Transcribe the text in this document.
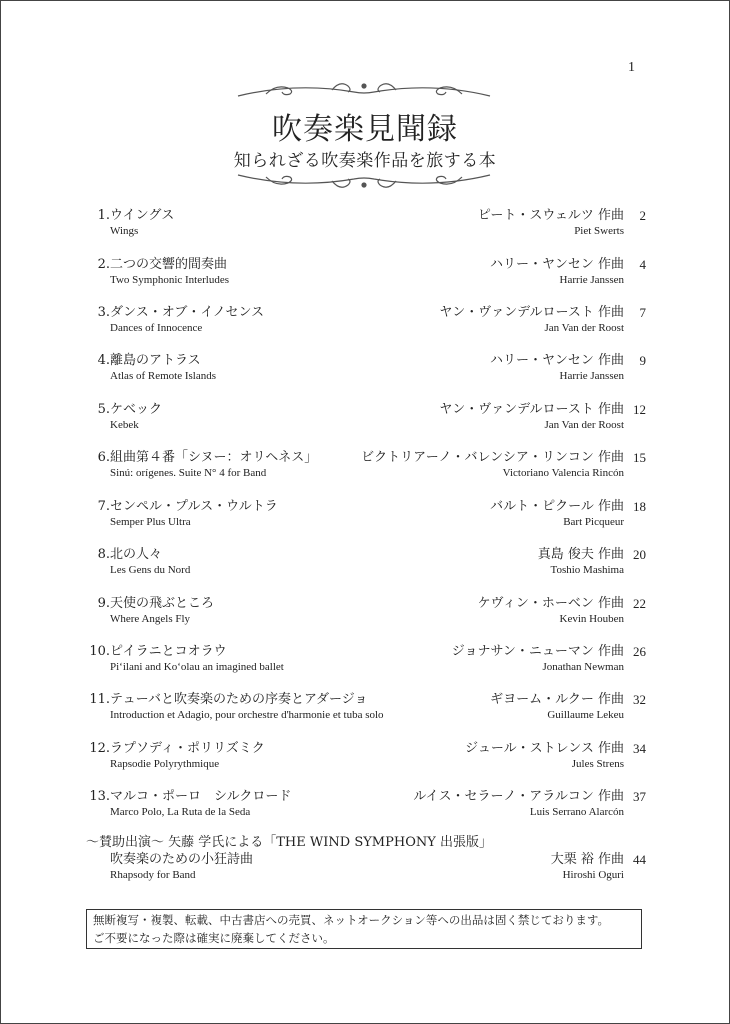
1
吹奏楽見聞録
知られざる吹奏楽作品を旅する本
1. ウイングス
Wings
ピート・スウェルツ 作曲	2
Piet Swerts
2. 二つの交響的間奏曲
Two Symphonic Interludes
ハリー・ヤンセン 作曲	4
Harrie Janssen
3. ダンス・オブ・イノセンス
Dances of Innocence
ヤン・ヴァンデルロースト 作曲	7
Jan Van der Roost
4. 離島のアトラス
Atlas of Remote Islands
ハリー・ヤンセン 作曲	9
Harrie Janssen
5. ケベック
Kebek
ヤン・ヴァンデルロースト 作曲 12
Jan Van der Roost
6. 組曲第４番「シヌー：オリヘネス」
Sinú: orígenes. Suite N° 4 for Band
ビクトリアーノ・バレンシア・リンコン 作曲 15
Victoriano Valencia Rincón
7. センペル・プルス・ウルトラ
Semper Plus Ultra
バルト・ピクール 作曲 18
Bart Picqueur
8. 北の人々
Les Gens du Nord
真島 俊夫 作曲 20
Toshio Mashima
9. 天使の飛ぶところ
Where Angels Fly
ケヴィン・ホーベン 作曲 22
Kevin Houben
10. ピイラニとコオラウ
Pi‘ilani and Ko‘olau an imagined ballet
ジョナサン・ニューマン 作曲 26
Jonathan Newman
11. テューバと吹奏楽のための序奏とアダージョ
Introduction et Adagio, pour orchestre d'harmonie et tuba solo
ギヨーム・ルクー 作曲 32
Guillaume Lekeu
12. ラプソディ・ポリリズミク
Rapsodie Polyrythmique
ジュール・ストレンス 作曲 34
Jules Strens
13. マルコ・ポーロ　シルクロード
Marco Polo, La Ruta de la Seda
ルイス・セラーノ・アラルコン 作曲 37
Luis Serrano Alarcón
～賛助出演～ 矢藤 学氏による「THE WIND SYMPHONY 出張版」
吹奏楽のための小狂詩曲
Rhapsody for Band
大栗 裕 作曲 44
Hiroshi Oguri
無断複写・複製、転載、中古書店への売買、ネットオークション等への出品は固く禁じております。
ご不要になった際は確実に廃棄してください。
